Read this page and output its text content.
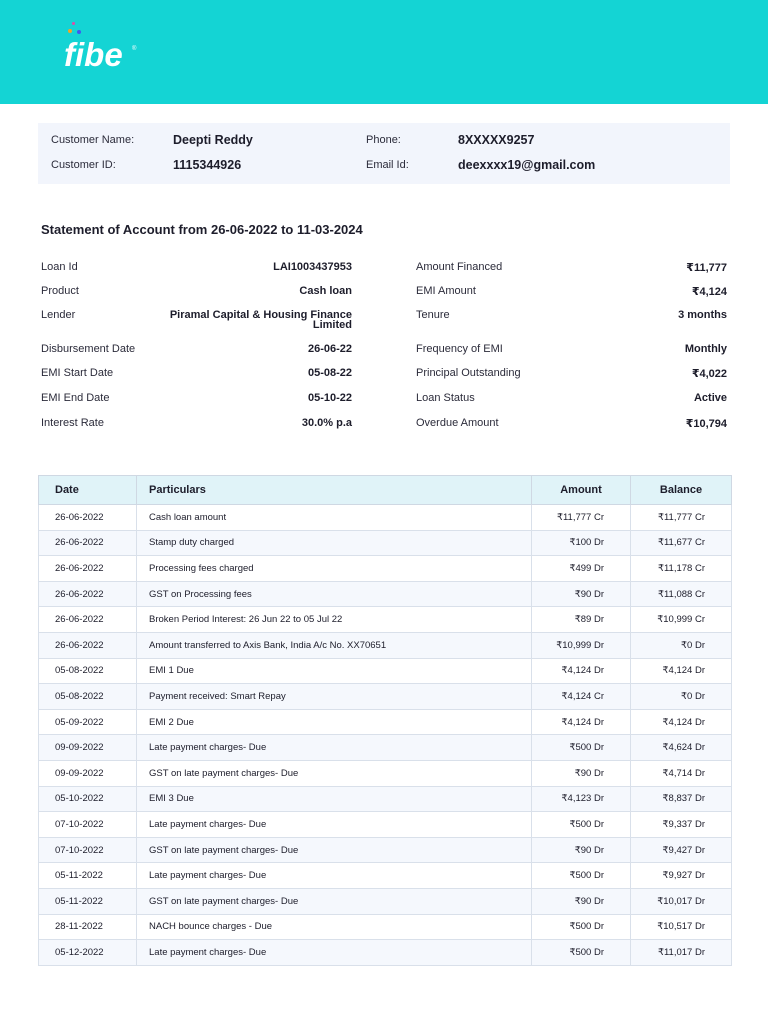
fibe ®
Customer Name:	Deepti Reddy
Customer ID:	1115344926
Phone:	8XXXXX9257
Email Id:	deexxxx19@gmail.com
Statement of Account from 26-06-2022 to 11-03-2024
Loan Id	LAI1003437953
Product	Cash loan
Lender	Piramal Capital & Housing Finance
Limited
Disbursement Date	26-06-22
EMI Start Date	05-08-22
EMI End Date	05-10-22
Interest Rate	30.0% p.a
Amount Financed	₹11,777
EMI Amount	₹4,124
Tenure	3 months
Frequency of EMI	Monthly
Principal Outstanding	₹4,022
Loan Status	Active
Overdue Amount	₹10,794
Date	Particulars	Amount	Balance
26-06-2022	Cash loan amount	₹11,777 Cr	₹11,777 Cr
26-06-2022	Stamp duty charged	₹100 Dr	₹11,677 Cr
26-06-2022	Processing fees charged	₹499 Dr	₹11,178 Cr
26-06-2022	GST on Processing fees	₹90 Dr	₹11,088 Cr
26-06-2022	Broken Period Interest: 26 Jun 22 to 05 Jul 22	₹89 Dr	₹10,999 Cr
26-06-2022	Amount transferred to Axis Bank, India A/c No. XX70651	₹10,999 Dr	₹0 Dr
05-08-2022	EMI 1 Due	₹4,124 Dr	₹4,124 Dr
05-08-2022	Payment received: Smart Repay	₹4,124 Cr	₹0 Dr
05-09-2022	EMI 2 Due	₹4,124 Dr	₹4,124 Dr
09-09-2022	Late payment charges- Due	₹500 Dr	₹4,624 Dr
09-09-2022	GST on late payment charges- Due	₹90 Dr	₹4,714 Dr
05-10-2022	EMI 3 Due	₹4,123 Dr	₹8,837 Dr
07-10-2022	Late payment charges- Due	₹500 Dr	₹9,337 Dr
07-10-2022	GST on late payment charges- Due	₹90 Dr	₹9,427 Dr
05-11-2022	Late payment charges- Due	₹500 Dr	₹9,927 Dr
05-11-2022	GST on late payment charges- Due	₹90 Dr	₹10,017 Dr
28-11-2022	NACH bounce charges - Due	₹500 Dr	₹10,517 Dr
05-12-2022	Late payment charges- Due	₹500 Dr	₹11,017 Dr
